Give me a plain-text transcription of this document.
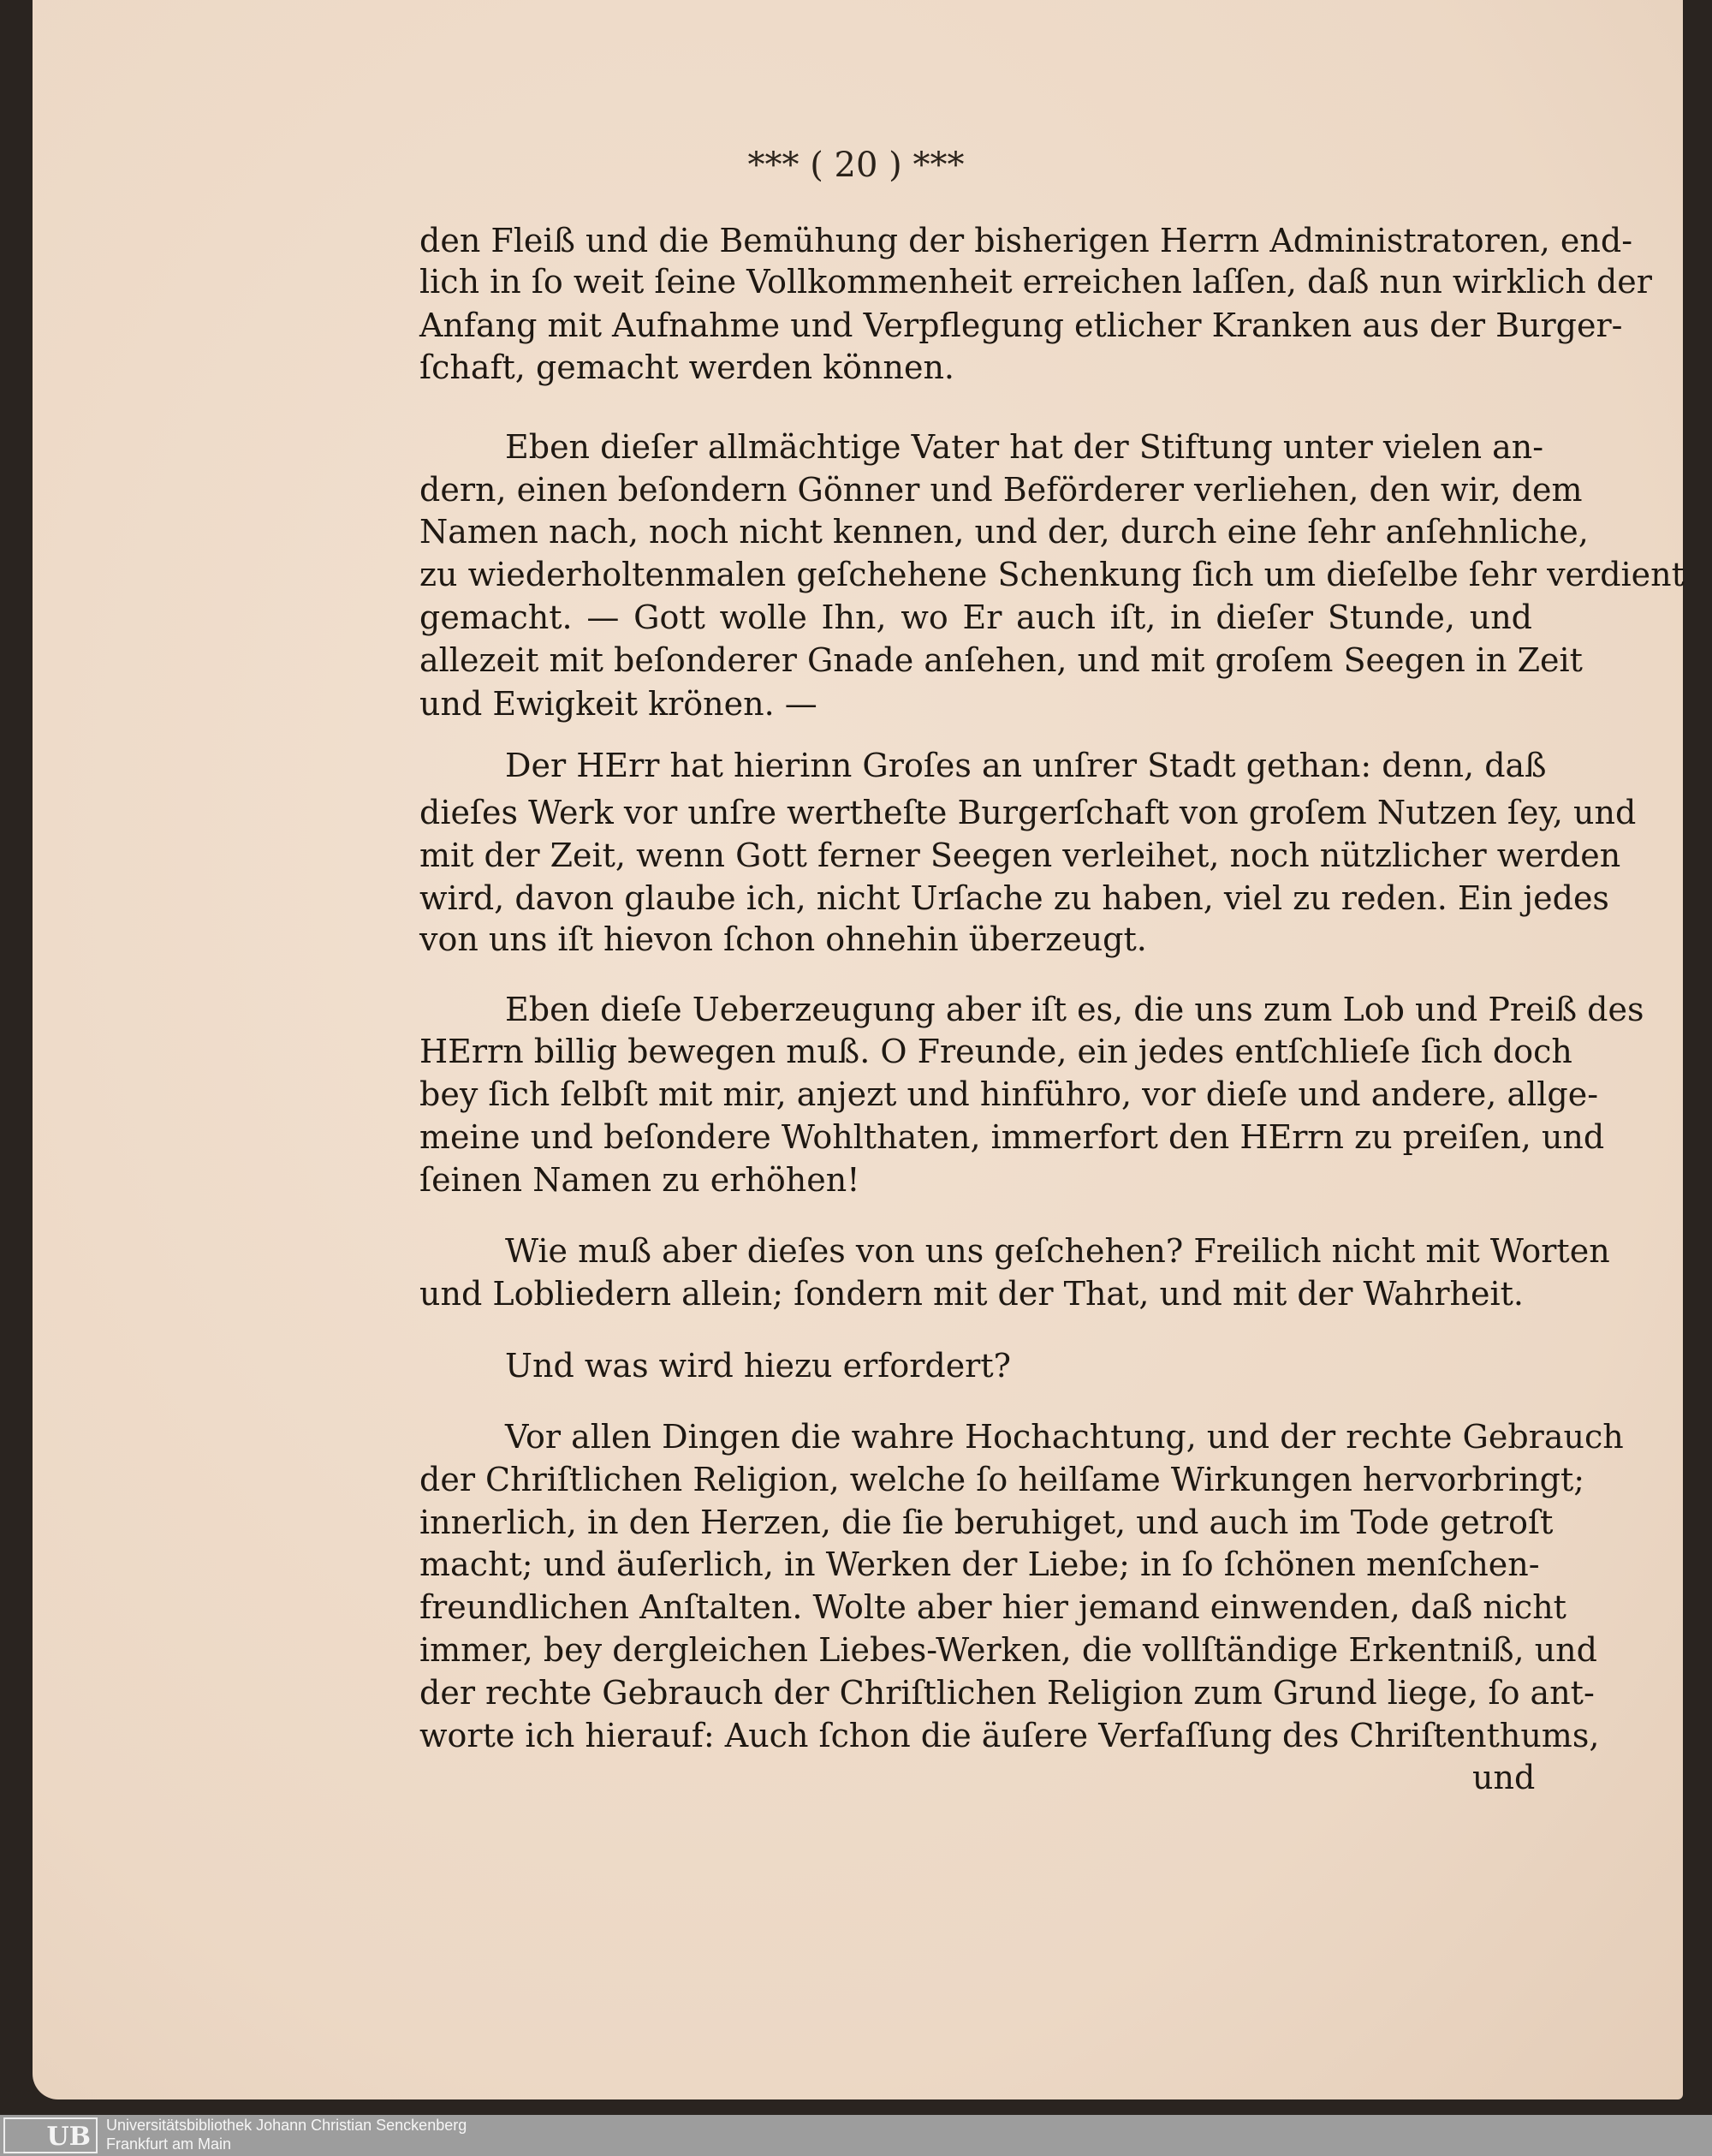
*** ( 20 ) ***
den Fleiß und die Bemühung der bisherigen Herrn Administratoren, end-
lich in ſo weit ſeine Vollkommenheit erreichen laſſen, daß nun wirklich der
Anfang mit Aufnahme und Verpflegung etlicher Kranken aus der Burger-
ſchaft, gemacht werden können.
Eben dieſer allmächtige Vater hat der Stiftung unter vielen an-
dern, einen beſondern Gönner und Beförderer verliehen, den wir, dem
Namen nach, noch nicht kennen, und der, durch eine ſehr anſehnliche,
zu wiederholtenmalen geſchehene Schenkung ſich um dieſelbe ſehr verdient
gemacht. — Gott wolle Ihn, wo Er auch iſt, in dieſer Stunde, und
allezeit mit beſonderer Gnade anſehen, und mit groſem Seegen in Zeit
und Ewigkeit krönen. —
Der HErr hat hierinn Groſes an unſrer Stadt gethan: denn, daß
dieſes Werk vor unſre wertheſte Burgerſchaft von groſem Nutzen ſey, und
mit der Zeit, wenn Gott ferner Seegen verleihet, noch nützlicher werden
wird, davon glaube ich, nicht Urſache zu haben, viel zu reden. Ein jedes
von uns iſt hievon ſchon ohnehin überzeugt.
Eben dieſe Ueberzeugung aber iſt es, die uns zum Lob und Preiß des
HErrn billig bewegen muß. O Freunde, ein jedes entſchlieſe ſich doch
bey ſich ſelbſt mit mir, anjezt und hinführo, vor dieſe und andere, allge-
meine und beſondere Wohlthaten, immerfort den HErrn zu preiſen, und
ſeinen Namen zu erhöhen!
Wie muß aber dieſes von uns geſchehen? Freilich nicht mit Worten
und Lobliedern allein; ſondern mit der That, und mit der Wahrheit.
Und was wird hiezu erfordert?
Vor allen Dingen die wahre Hochachtung, und der rechte Gebrauch
der Chriſtlichen Religion, welche ſo heilſame Wirkungen hervorbringt;
innerlich, in den Herzen, die ſie beruhiget, und auch im Tode getroſt
macht; und äuſerlich, in Werken der Liebe; in ſo ſchönen menſchen-
freundlichen Anſtalten. Wolte aber hier jemand einwenden, daß nicht
immer, bey dergleichen Liebes-Werken, die vollſtändige Erkentniß, und
der rechte Gebrauch der Chriſtlichen Religion zum Grund liege, ſo ant-
worte ich hierauf: Auch ſchon die äuſere Verfaſſung des Chriſtenthums,
und
UB	Universitätsbibliothek Johann Christian Senckenberg
Frankfurt am Main
